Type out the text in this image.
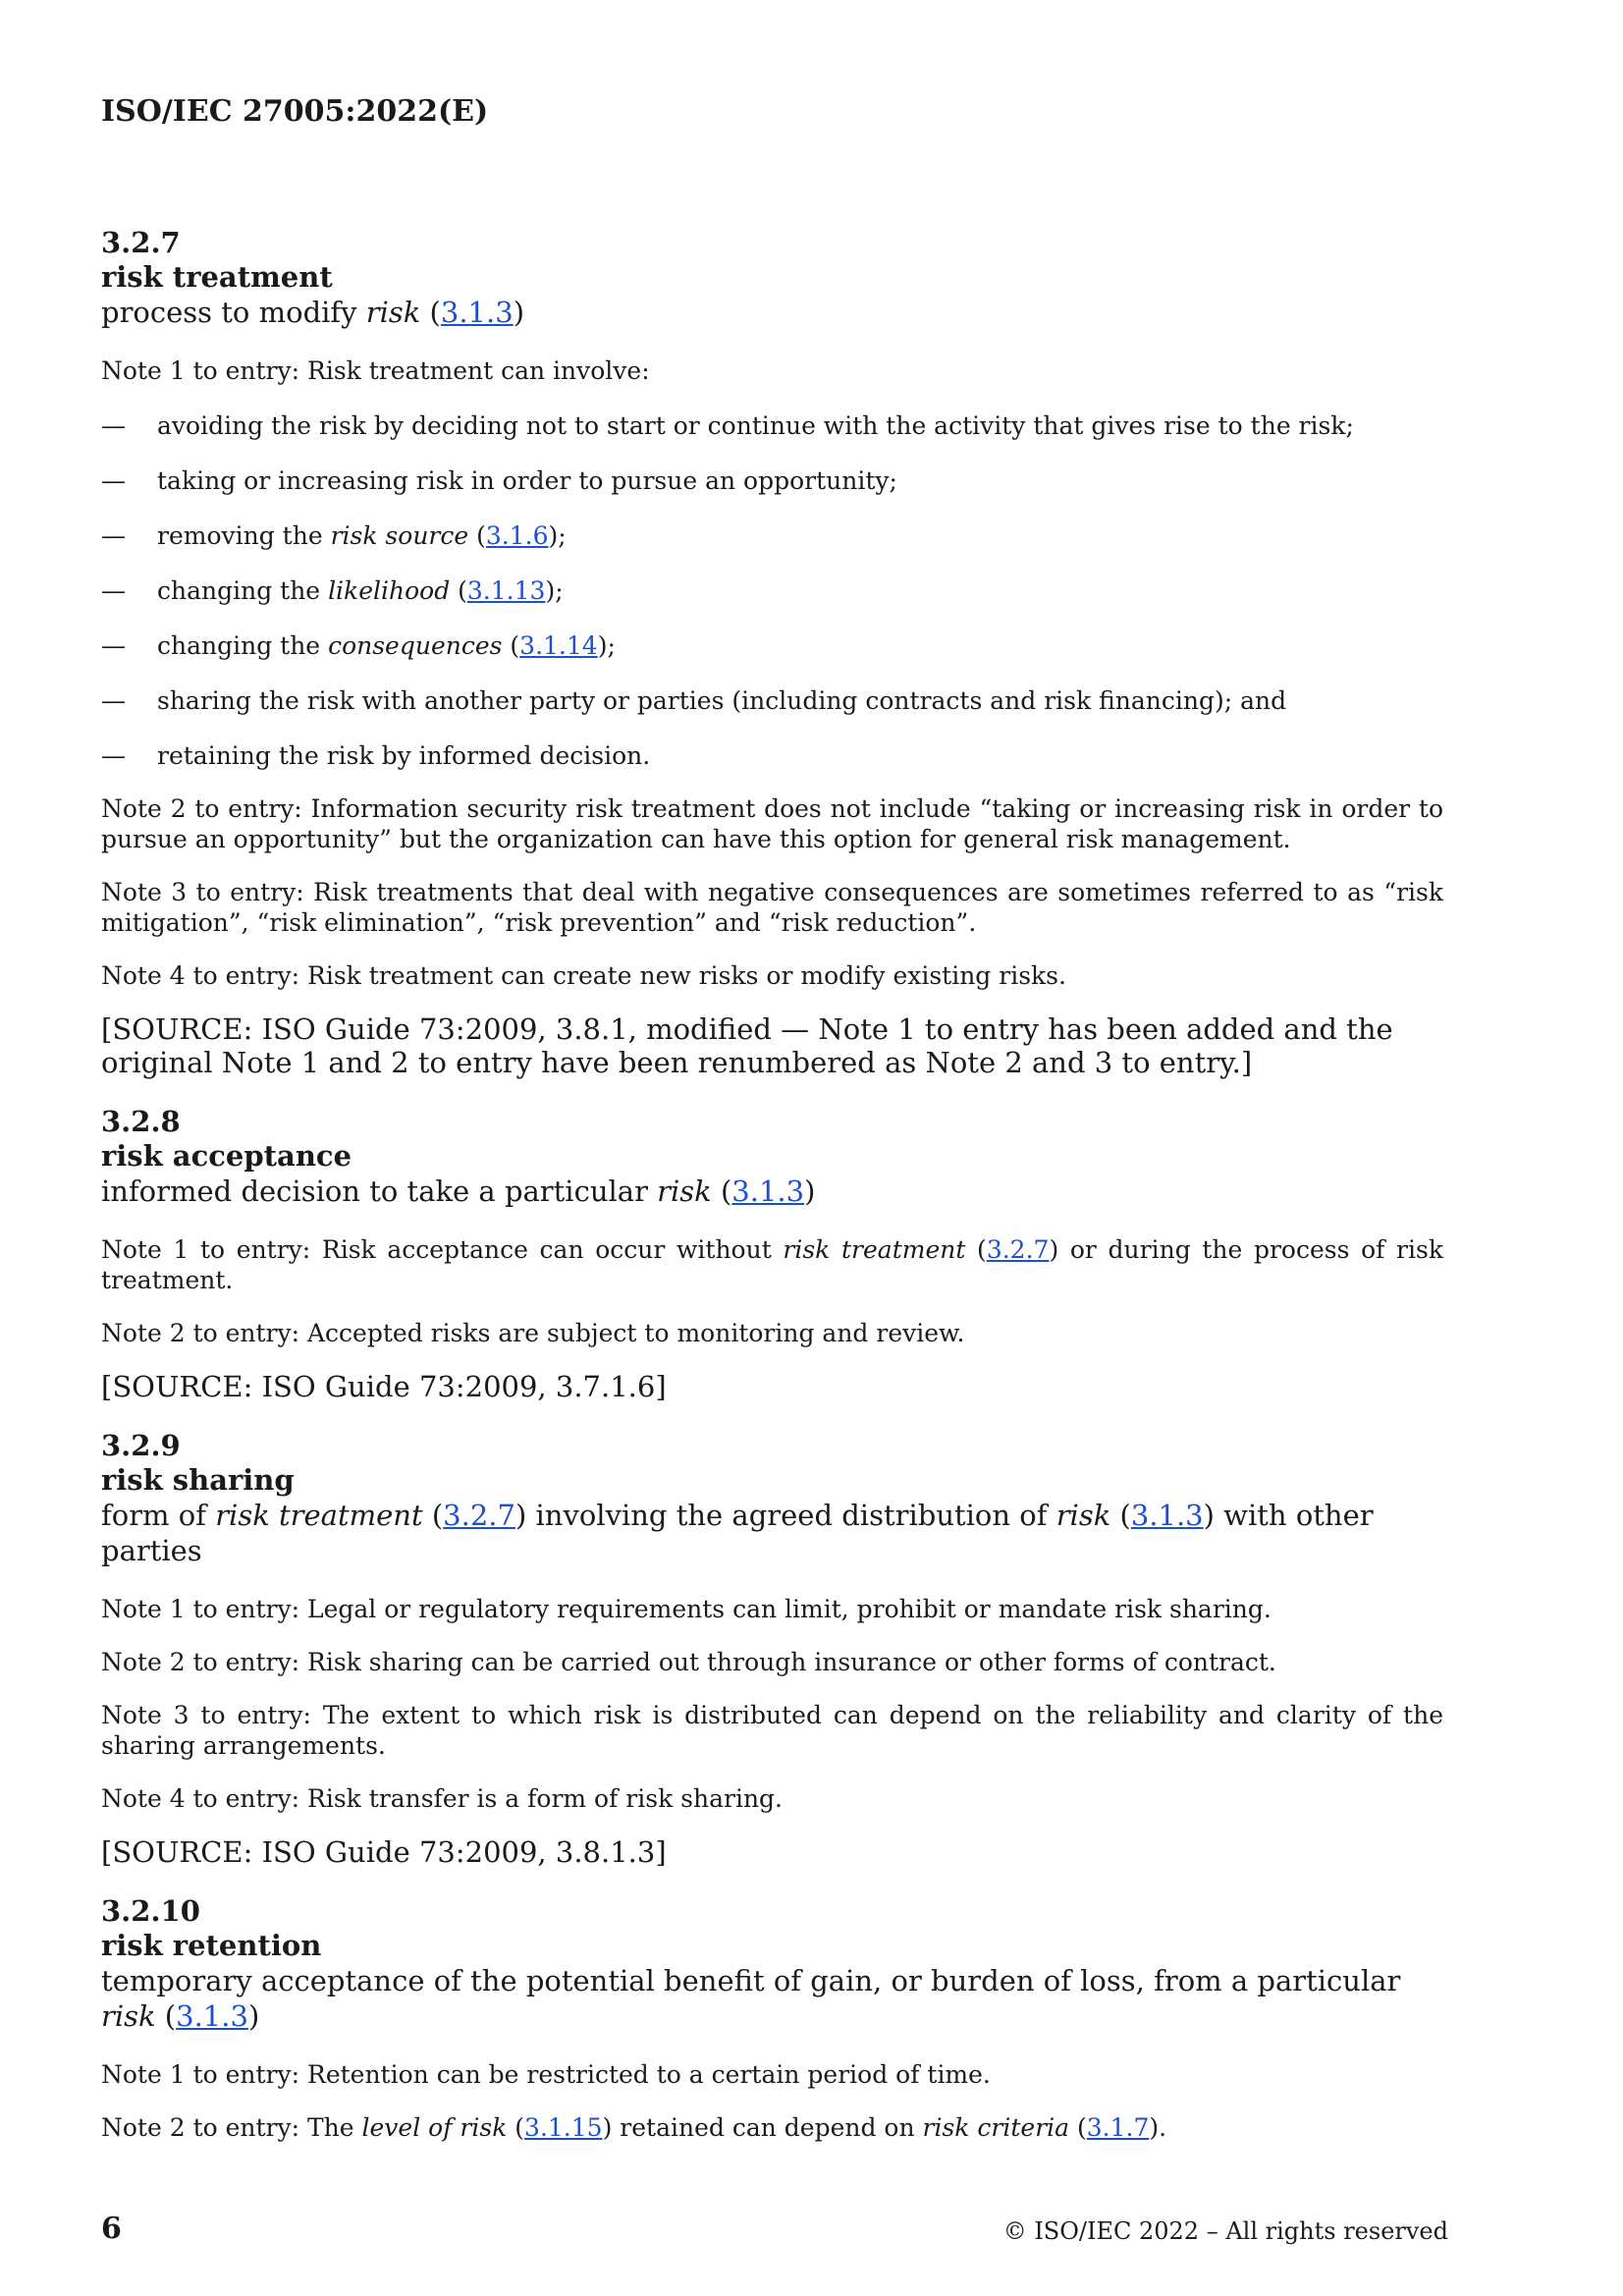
ISO/IEC 27005:2022(E)

3.2.7

risk treatment

process to modify risk (3.1.3)

Note 1 to entry: Risk treatment can involve:

— avoiding the risk by deciding not to start or continue with the activity that gives rise to the risk;
— taking or increasing risk in order to pursue an opportunity;
— removing the risk source (3.1.6);
— changing the likelihood (3.1.13);
— changing the consequences (3.1.14);
— sharing the risk with another party or parties (including contracts and risk financing); and
— retaining the risk by informed decision.

Note 2 to entry: Information security risk treatment does not include “taking or increasing risk in order to pursue an opportunity” but the organization can have this option for general risk management.

Note 3 to entry: Risk treatments that deal with negative consequences are sometimes referred to as “risk mitigation”, “risk elimination”, “risk prevention” and “risk reduction”.

Note 4 to entry: Risk treatment can create new risks or modify existing risks.

[SOURCE: ISO Guide 73:2009, 3.8.1, modified — Note 1 to entry has been added and the original Note 1 and 2 to entry have been renumbered as Note 2 and 3 to entry.]

3.2.8

risk acceptance

informed decision to take a particular risk (3.1.3)

Note 1 to entry: Risk acceptance can occur without risk treatment (3.2.7) or during the process of risk treatment.

Note 2 to entry: Accepted risks are subject to monitoring and review.

[SOURCE: ISO Guide 73:2009, 3.7.1.6]

3.2.9

risk sharing

form of risk treatment (3.2.7) involving the agreed distribution of risk (3.1.3) with other parties

Note 1 to entry: Legal or regulatory requirements can limit, prohibit or mandate risk sharing.

Note 2 to entry: Risk sharing can be carried out through insurance or other forms of contract.

Note 3 to entry: The extent to which risk is distributed can depend on the reliability and clarity of the sharing arrangements.

Note 4 to entry: Risk transfer is a form of risk sharing.

[SOURCE: ISO Guide 73:2009, 3.8.1.3]

3.2.10

risk retention

temporary acceptance of the potential benefit of gain, or burden of loss, from a particular risk (3.1.3)

Note 1 to entry: Retention can be restricted to a certain period of time.

Note 2 to entry: The level of risk (3.1.15) retained can depend on risk criteria (3.1.7).

6	© ISO/IEC 2022 – All rights reserved
